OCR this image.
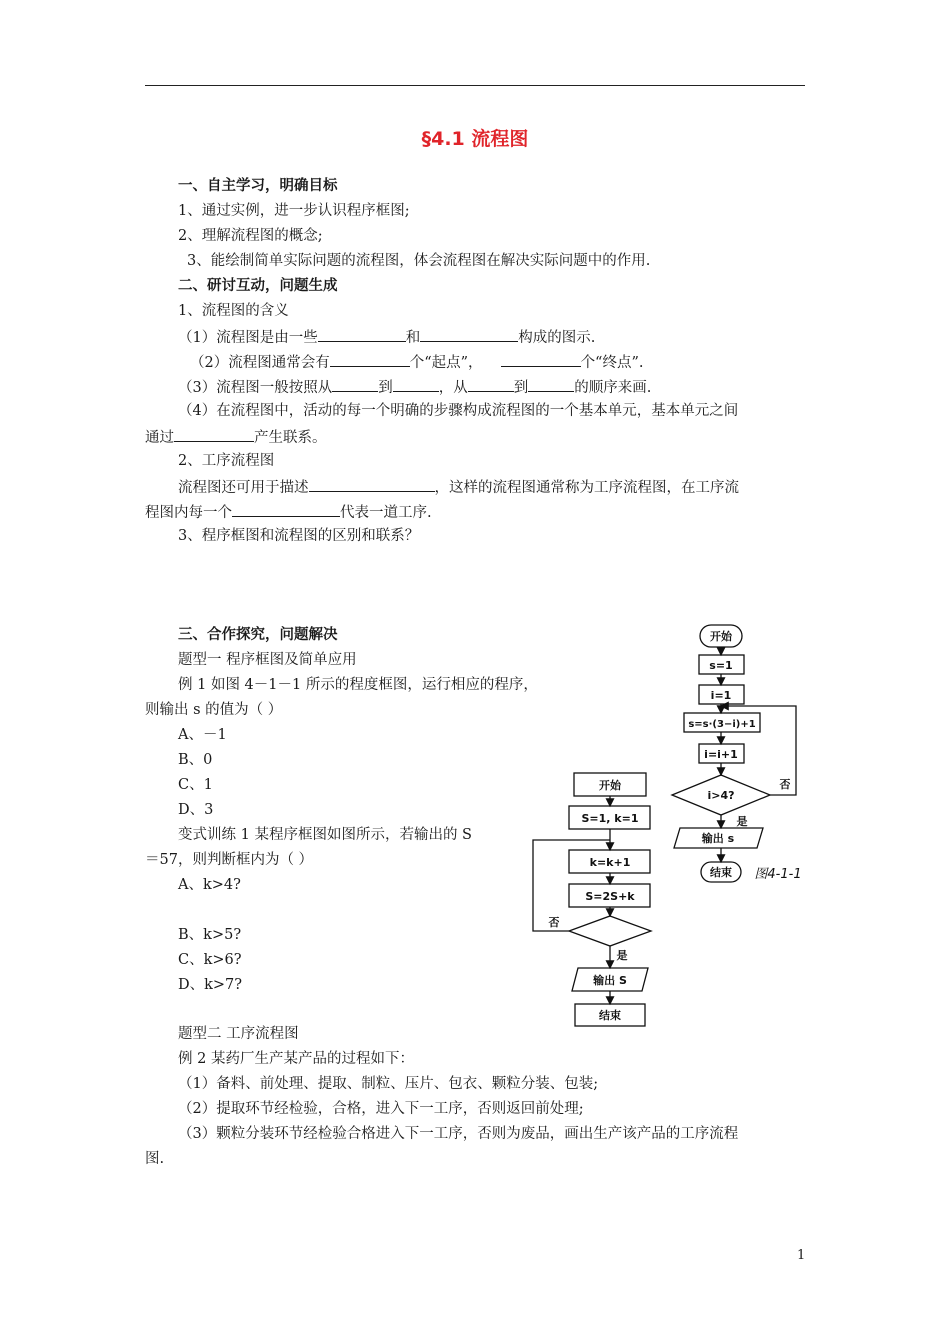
§4.1 流程图
一、自主学习，明确目标
1、通过实例，进一步认识程序框图;
2、理解流程图的概念;
3、能绘制简单实际问题的流程图，体会流程图在解决实际问题中的作用.
二、研讨互动，问题生成
1、流程图的含义
（1）流程图是由一些	和	构成的图示.
（2）流程图通常会有	个“起点”，	个“终点”.
（3）流程图一般按照从	到	，从	到	的顺序来画.
（4）在流程图中，活动的每一个明确的步骤构成流程图的一个基本单元，基本单元之间
通过	产生联系。
2、工序流程图
流程图还可用于描述	，这样的流程图通常称为工序流程图，在工序流
程图内每一个	代表一道工序.
3、程序框图和流程图的区别和联系？
三、合作探究，问题解决
题型一 程序框图及简单应用
例 1 如图 4－1－1 所示的程度框图，运行相应的程序，
则输出 s 的值为（ ）
A、－1
B、0
C、1
D、3
变式训练 1 某程序框图如图所示，若输出的 S
＝57，则判断框内为（ ）
A、k>4?
B、k>5?
C、k>6?
D、k>7?
题型二 工序流程图
例 2 某药厂生产某产品的过程如下：
（1）备料、前处理、提取、制粒、压片、包衣、颗粒分装、包装;
（2）提取环节经检验，合格，进入下一工序，否则返回前处理;
（3）颗粒分装环节经检验合格进入下一工序，否则为废品，画出生产该产品的工序流程
图.
开始
s=1
i=1
s=s·(3−i)+1
i=i+1
i>4?
否
是
输出 s
结束 图4-1-1
开始
S=1, k=1
k=k+1
S=2S+k
否
是
输出 S
结束
1
